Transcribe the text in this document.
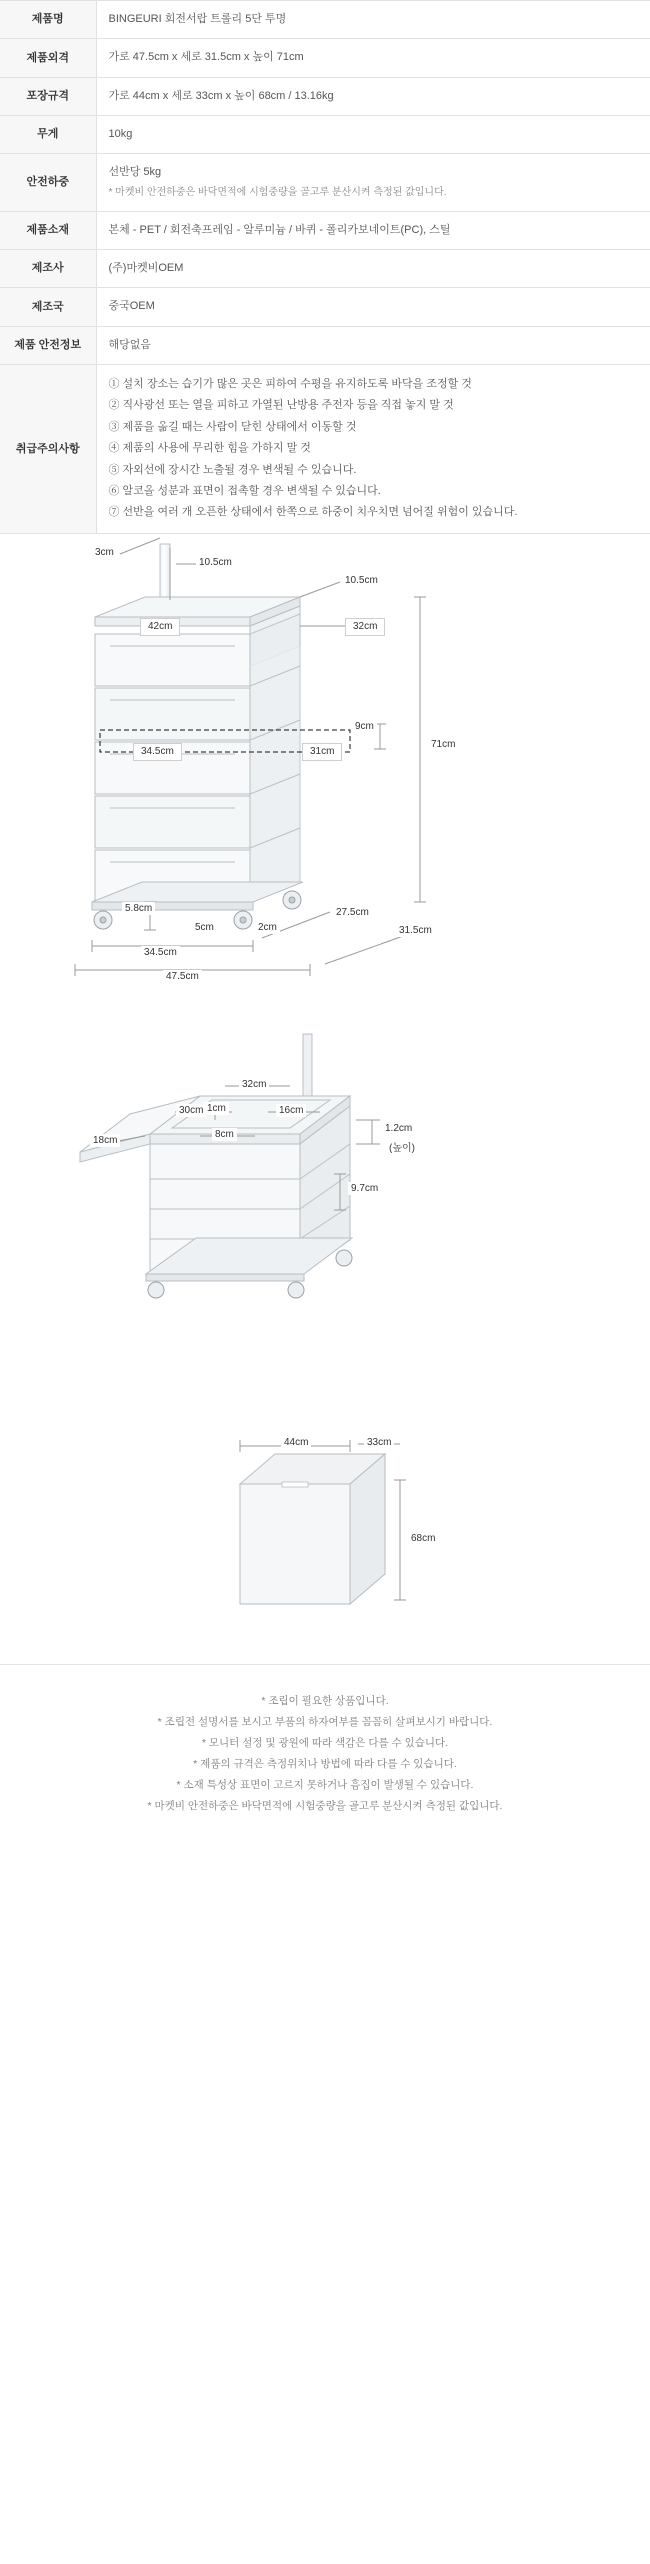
제품명	BINGEURI 회전서랍 트롤리 5단 투명
제품외격	가로 47.5cm x 세로 31.5cm x 높이 71cm
포장규격	가로 44cm x 세로 33cm x 높이 68cm / 13.16kg
무게	10kg
안전하중	선반당 5kg
* 마켓비 안전하중은 바닥면적에 시험중량을 골고루 분산시켜 측정된 값입니다.

제품소재	본체 - PET / 회전축프레임 - 알루미늄 / 바퀴 - 폴리카보네이트(PC), 스틸
제조사	(주)마켓비OEM
제조국	중국OEM
제품 안전정보	해당없음
취급주의사항	
① 설치 장소는 습기가 많은 곳은 피하여 수평을 유지하도록 바닥을 조정할 것
② 직사광선 또는 열을 피하고 가열된 난방용 주전자 등을 직접 놓지 말 것
③ 제품을 옮길 때는 사람이 닫힌 상태에서 이동할 것
④ 제품의 사용에 무리한 힘을 가하지 말 것
⑤ 자외선에 장시간 노출될 경우 변색될 수 있습니다.
⑥ 알코올 성분과 표면이 접촉할 경우 변색될 수 있습니다.
⑦ 선반을 여러 개 오픈한 상태에서 한쪽으로 하중이 치우치면 넘어질 위험이 있습니다.
3cm
10.5cm
10.5cm
42cm	32cm
34.5cm	31cm
9cm
71cm
5.8cm
5cm	2cm
34.5cm
27.5cm
47.5cm
31.5cm
18cm
32cm
1cm
30cm	16cm
8cm
1.2cm
(높이)
9.7cm
44cm	33cm
68cm
* 조립이 필요한 상품입니다.
* 조립전 설명서를 보시고 부품의 하자여부를 꼼꼼히 살펴보시기 바랍니다.
* 모니터 설정 및 광원에 따라 색감은 다를 수 있습니다.
* 제품의 규격은 측정위치나 방법에 따라 다를 수 있습니다.
* 소재 특성상 표면이 고르지 못하거나 흠집이 발생될 수 있습니다.
* 마켓비 안전하중은 바닥면적에 시험중량을 골고루 분산시켜 측정된 값입니다.
